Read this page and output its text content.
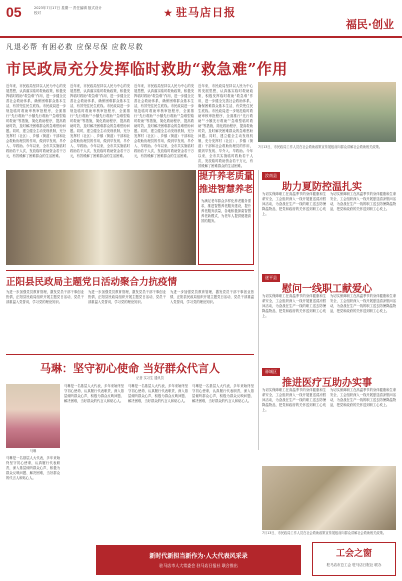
05	2023年7月17日 星期一 责任编辑 版式设计 校对	★ 驻马店日报
福民·创业
凡退必帮 有困必救 应保尽保 应救尽救
市民政局充分发挥临时救助“救急难”作用
近年来，市民政局坚持以人民为中心的发展思想，认真落实临时救助政策，积极发挥临时救助“救急难”作用，进一步健全完善社会救助体系，确保困难群众基本生活，有效兜住民生底线。市民政局进一步规范临时救助审核审批程序，全面推行“先行救助”“小额先行救助”“急难型临时救助”等措施，简化救助程序，提高救助时效，及时解决困难群众的急难愁盼问题。同时，建立健全主动发现机制，充分发挥村（社区）、乡镇（街道）干部和社会救助协理员的作用，做到早发现、早介入、早救助。今年以来，全市共实施临时救助若干人次，发放临时救助资金若干万元，有效缓解了困难群众的生活困难。
近年来，市民政局坚持以人民为中心的发展思想，认真落实临时救助政策，积极发挥临时救助“救急难”作用，进一步健全完善社会救助体系，确保困难群众基本生活，有效兜住民生底线。市民政局进一步规范临时救助审核审批程序，全面推行“先行救助”“小额先行救助”“急难型临时救助”等措施，简化救助程序，提高救助时效，及时解决困难群众的急难愁盼问题。同时，建立健全主动发现机制，充分发挥村（社区）、乡镇（街道）干部和社会救助协理员的作用，做到早发现、早介入、早救助。今年以来，全市共实施临时救助若干人次，发放临时救助资金若干万元，有效缓解了困难群众的生活困难。
近年来，市民政局坚持以人民为中心的发展思想，认真落实临时救助政策，积极发挥临时救助“救急难”作用，进一步健全完善社会救助体系，确保困难群众基本生活，有效兜住民生底线。市民政局进一步规范临时救助审核审批程序，全面推行“先行救助”“小额先行救助”“急难型临时救助”等措施，简化救助程序，提高救助时效，及时解决困难群众的急难愁盼问题。同时，建立健全主动发现机制，充分发挥村（社区）、乡镇（街道）干部和社会救助协理员的作用，做到早发现、早介入、早救助。今年以来，全市共实施临时救助若干人次，发放临时救助资金若干万元，有效缓解了困难群众的生活困难。
近年来，市民政局坚持以人民为中心的发展思想，认真落实临时救助政策，积极发挥临时救助“救急难”作用，进一步健全完善社会救助体系，确保困难群众基本生活，有效兜住民生底线。市民政局进一步规范临时救助审核审批程序，全面推行“先行救助”“小额先行救助”“急难型临时救助”等措施，简化救助程序，提高救助时效，及时解决困难群众的急难愁盼问题。同时，建立健全主动发现机制，充分发挥村（社区）、乡镇（街道）干部和社会救助协理员的作用，做到早发现、早介入、早救助。今年以来，全市共实施临时救助若干人次，发放临时救助资金若干万元，有效缓解了困难群众的生活困难。
7月13日，市民政局工作人员在社会救助政策宣传展板前向群众讲解社会救助相关政策。
提升养老质量
推进智慧养老
为满足老年群众多样化养老服务需求，推进智慧养老服务建设，提升养老服务质量，各地积极探索智慧养老新模式，为老年人提供便捷高效的服务。
汝南县
助力夏防控温扎实
为切实保障职工在高温季节的身体健康和生命安全，工会组织深入一线开展夏送清凉慰问活动，为奋战在生产一线的职工送去防暑降温物品，把党和政府的关怀送到职工心坎上。
为切实保障职工在高温季节的身体健康和生命安全，工会组织深入一线开展夏送清凉慰问活动，为奋战在生产一线的职工送去防暑降温物品，把党和政府的关怀送到职工心坎上。
遂平县
慰问一线职工献爱心
为切实保障职工在高温季节的身体健康和生命安全，工会组织深入一线开展夏送清凉慰问活动，为奋战在生产一线的职工送去防暑降温物品，把党和政府的关怀送到职工心坎上。
为切实保障职工在高温季节的身体健康和生命安全，工会组织深入一线开展夏送清凉慰问活动，为奋战在生产一线的职工送去防暑降温物品，把党和政府的关怀送到职工心坎上。
驿城区
推进医疗互助办实事
为切实保障职工在高温季节的身体健康和生命安全，工会组织深入一线开展夏送清凉慰问活动，为奋战在生产一线的职工送去防暑降温物品，把党和政府的关怀送到职工心坎上。
为切实保障职工在高温季节的身体健康和生命安全，工会组织深入一线开展夏送清凉慰问活动，为奋战在生产一线的职工送去防暑降温物品，把党和政府的关怀送到职工心坎上。
正阳县民政局主题党日活动聚合力抗疫情
为进一步加强党员教育管理，激发党员干部干事创业热情，正阳县民政局组织开展主题党日活动，党员干部重温入党誓词，学习党的理论知识。
为进一步加强党员教育管理，激发党员干部干事创业热情，正阳县民政局组织开展主题党日活动，党员干部重温入党誓词，学习党的理论知识。
为进一步加强党员教育管理，激发党员干部干事创业热情，正阳县民政局组织开展主题党日活动，党员干部重温入党誓词，学习党的理论知识。
马琳：坚守初心使命 当好群众代言人
记者 实习生 通讯员
马琳
马琳是一名基层人大代表，多年来始终坚守初心使命，认真履行代表职责，深入基层倾听群众心声，积极为群众反映问题、解决困难，当好群众的代言人和贴心人。
马琳是一名基层人大代表，多年来始终坚守初心使命，认真履行代表职责，深入基层倾听群众心声，积极为群众反映问题、解决困难，当好群众的代言人和贴心人。
马琳是一名基层人大代表，多年来始终坚守初心使命，认真履行代表职责，深入基层倾听群众心声，积极为群众反映问题、解决困难，当好群众的代言人和贴心人。
马琳是一名基层人大代表，多年来始终坚守初心使命，认真履行代表职责，深入基层倾听群众心声，积极为群众反映问题、解决困难，当好群众的代言人和贴心人。
7月13日，市民政局工作人员在社会救助政策宣传展板前向群众讲解社会救助相关政策。
新时代新担当新作为·人大代表风采录
驻马店市人大常委会 驻马店日报社 联合推出
工会之窗
驻马店市总工会 驻马店日报社 联办
